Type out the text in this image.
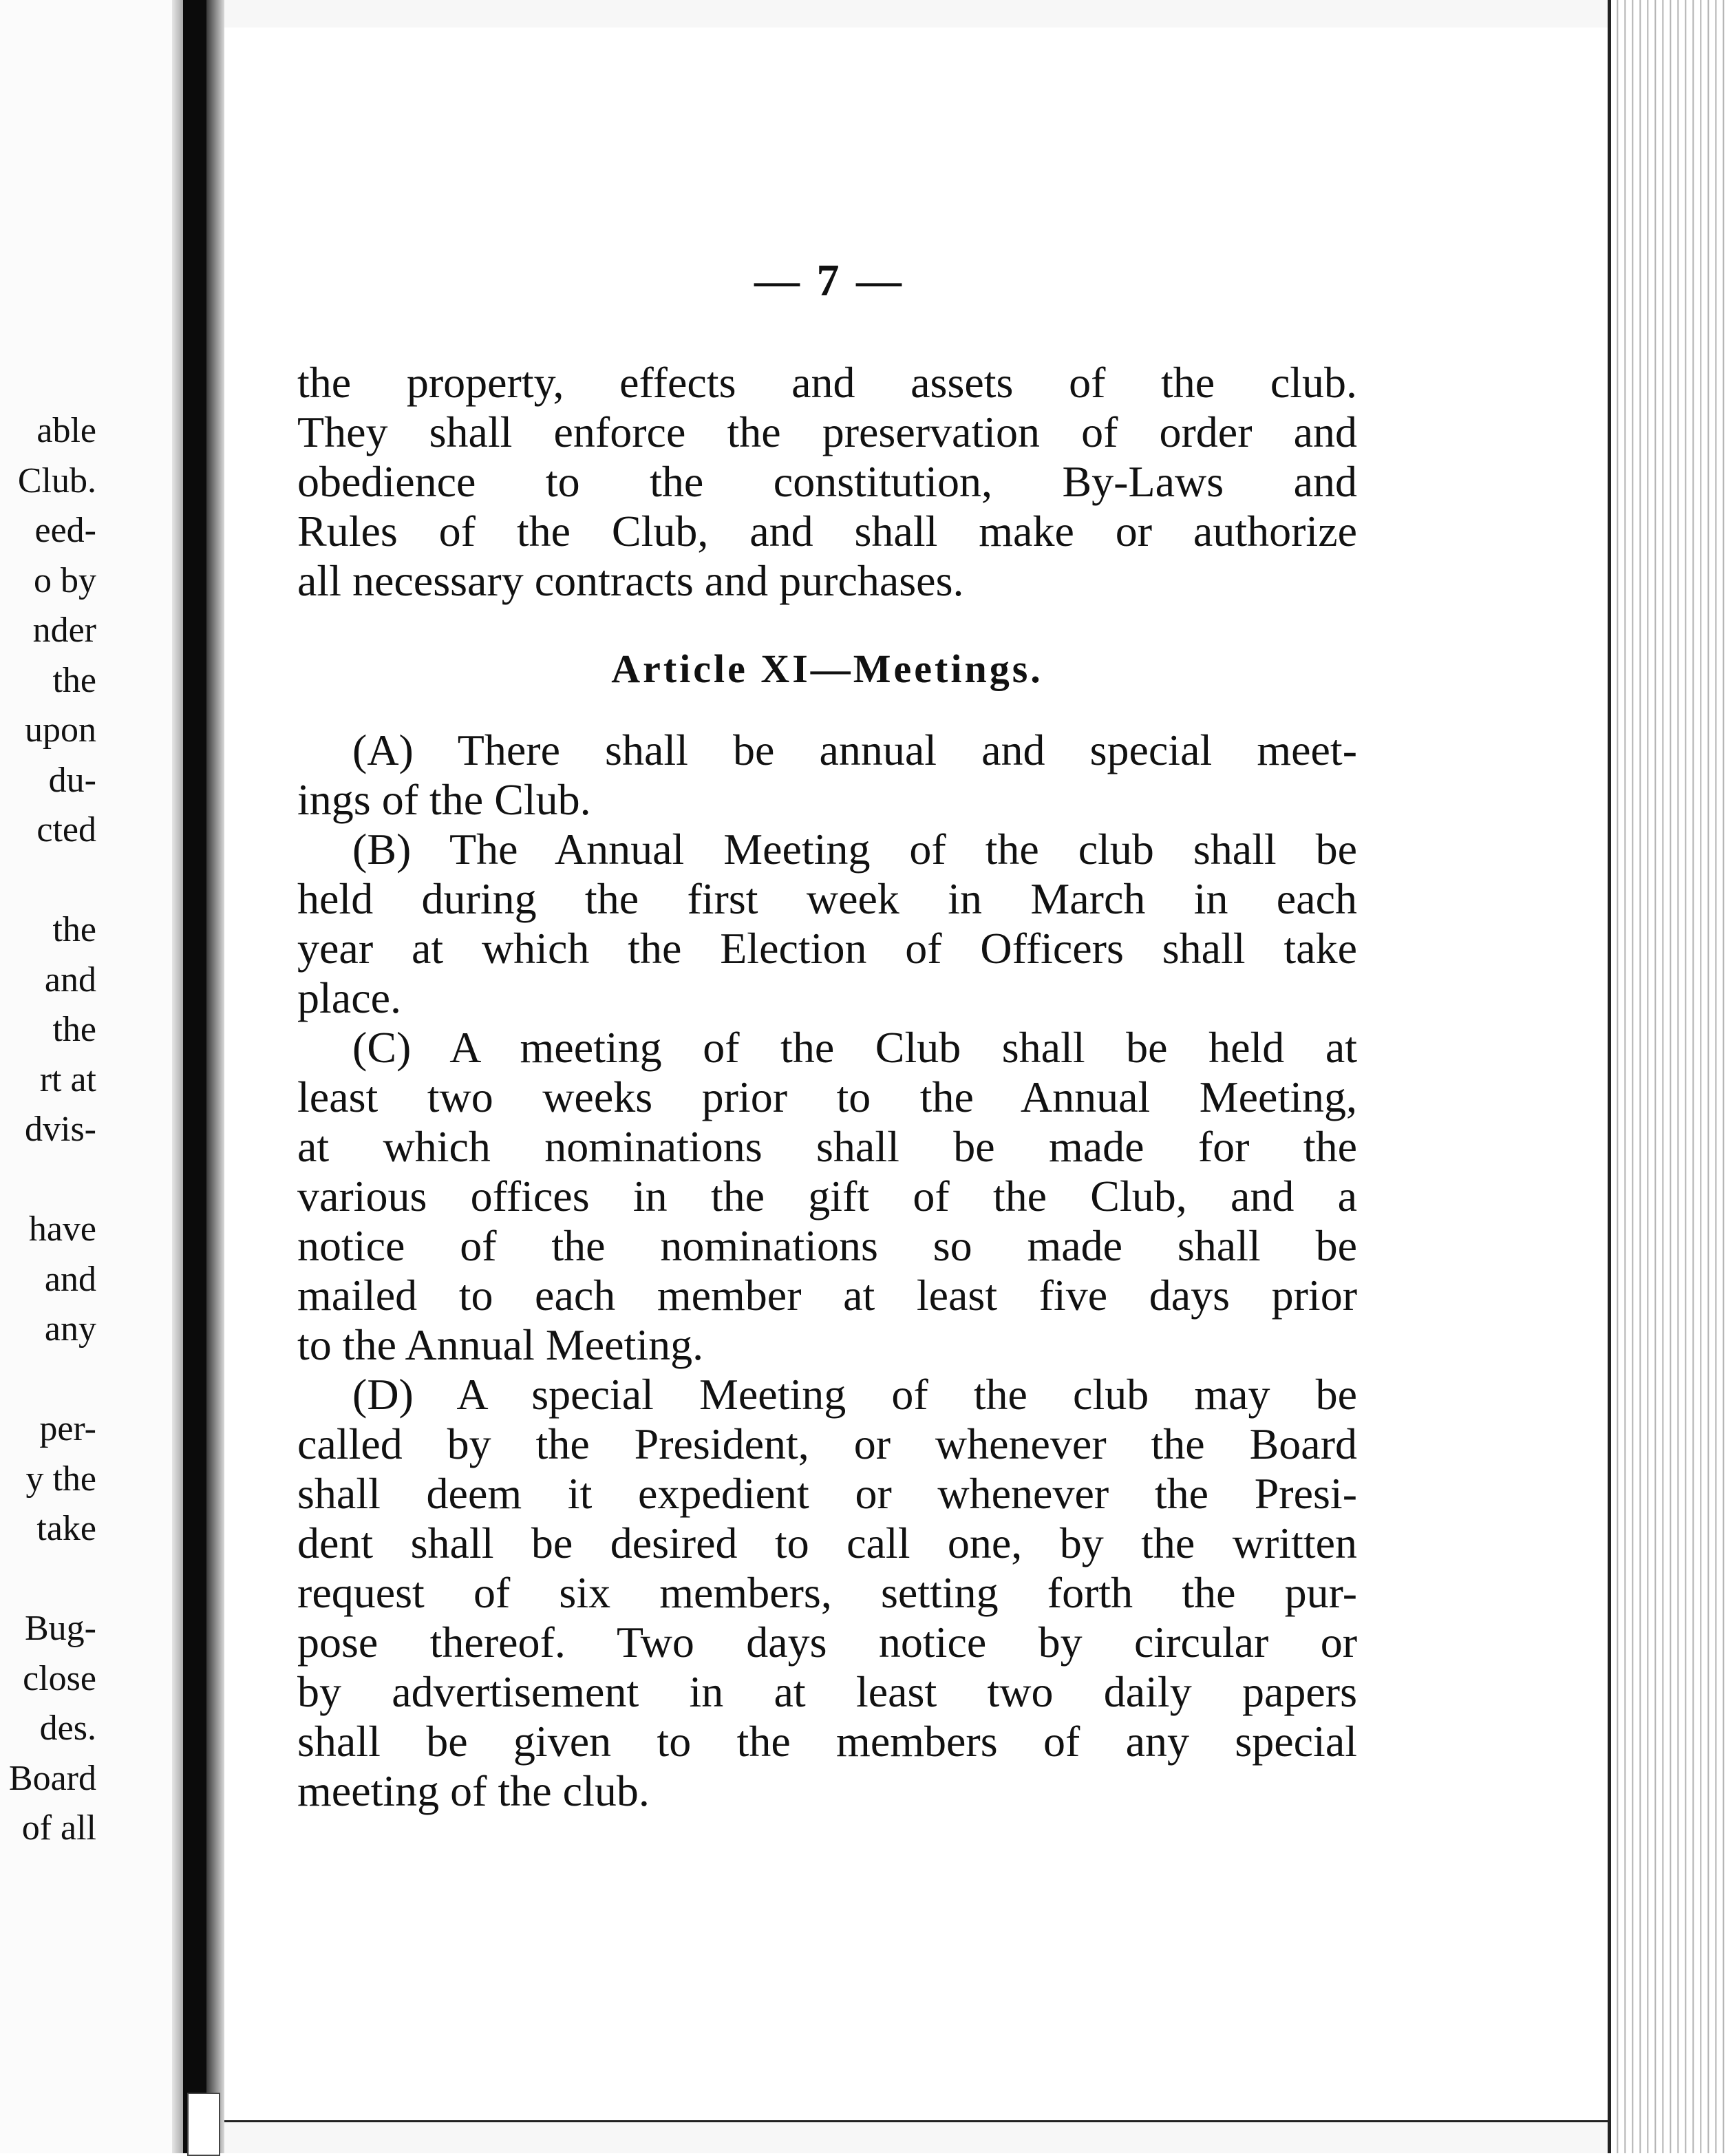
able
Club.
eed-
o by
nder
the
upon
du-
cted
the
and
the
rt at
dvis-
have
and
any
per-
y the
take
Bug-
close
des.
Board
of all
— 7 —
the property, effects and assets of the club.
They shall enforce the preservation of order and
obedience to the constitution, By-Laws and
Rules of the Club, and shall make or authorize
all necessary contracts and purchases.
Article XI—Meetings.
(A) There shall be annual and special meet-
ings of the Club.
(B) The Annual Meeting of the club shall be
held during the first week in March in each
year at which the Election of Officers shall take
place.
(C) A meeting of the Club shall be held at
least two weeks prior to the Annual Meeting,
at which nominations shall be made for the
various offices in the gift of the Club, and a
notice of the nominations so made shall be
mailed to each member at least five days prior
to the Annual Meeting.
(D) A special Meeting of the club may be
called by the President, or whenever the Board
shall deem it expedient or whenever the Presi-
dent shall be desired to call one, by the written
request of six members, setting forth the pur-
pose thereof. Two days notice by circular or
by advertisement in at least two daily papers
shall be given to the members of any special
meeting of the club.
